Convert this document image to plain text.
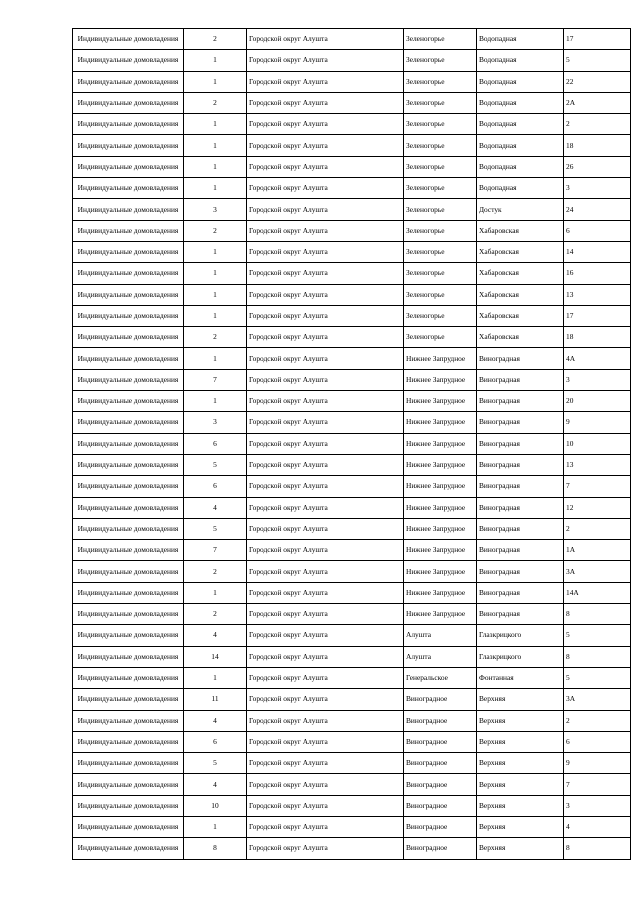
Индивидуальные домовладения	2	Городской округ Алушта	Зеленогорье	Водопадная	17
Индивидуальные домовладения	1	Городской округ Алушта	Зеленогорье	Водопадная	5
Индивидуальные домовладения	1	Городской округ Алушта	Зеленогорье	Водопадная	22
Индивидуальные домовладения	2	Городской округ Алушта	Зеленогорье	Водопадная	2А
Индивидуальные домовладения	1	Городской округ Алушта	Зеленогорье	Водопадная	2
Индивидуальные домовладения	1	Городской округ Алушта	Зеленогорье	Водопадная	18
Индивидуальные домовладения	1	Городской округ Алушта	Зеленогорье	Водопадная	26
Индивидуальные домовладения	1	Городской округ Алушта	Зеленогорье	Водопадная	3
Индивидуальные домовладения	3	Городской округ Алушта	Зеленогорье	Достук	24
Индивидуальные домовладения	2	Городской округ Алушта	Зеленогорье	Хабаровская	6
Индивидуальные домовладения	1	Городской округ Алушта	Зеленогорье	Хабаровская	14
Индивидуальные домовладения	1	Городской округ Алушта	Зеленогорье	Хабаровская	16
Индивидуальные домовладения	1	Городской округ Алушта	Зеленогорье	Хабаровская	13
Индивидуальные домовладения	1	Городской округ Алушта	Зеленогорье	Хабаровская	17
Индивидуальные домовладения	2	Городской округ Алушта	Зеленогорье	Хабаровская	18
Индивидуальные домовладения	1	Городской округ Алушта	Нижнее Запрудное	Виноградная	4А
Индивидуальные домовладения	7	Городской округ Алушта	Нижнее Запрудное	Виноградная	3
Индивидуальные домовладения	1	Городской округ Алушта	Нижнее Запрудное	Виноградная	20
Индивидуальные домовладения	3	Городской округ Алушта	Нижнее Запрудное	Виноградная	9
Индивидуальные домовладения	6	Городской округ Алушта	Нижнее Запрудное	Виноградная	10
Индивидуальные домовладения	5	Городской округ Алушта	Нижнее Запрудное	Виноградная	13
Индивидуальные домовладения	6	Городской округ Алушта	Нижнее Запрудное	Виноградная	7
Индивидуальные домовладения	4	Городской округ Алушта	Нижнее Запрудное	Виноградная	12
Индивидуальные домовладения	5	Городской округ Алушта	Нижнее Запрудное	Виноградная	2
Индивидуальные домовладения	7	Городской округ Алушта	Нижнее Запрудное	Виноградная	1А
Индивидуальные домовладения	2	Городской округ Алушта	Нижнее Запрудное	Виноградная	3А
Индивидуальные домовладения	1	Городской округ Алушта	Нижнее Запрудное	Виноградная	14А
Индивидуальные домовладения	2	Городской округ Алушта	Нижнее Запрудное	Виноградная	8
Индивидуальные домовладения	4	Городской округ Алушта	Алушта	Глазкрицкого	5
Индивидуальные домовладения	14	Городской округ Алушта	Алушта	Глазкрицкого	8
Индивидуальные домовладения	1	Городской округ Алушта	Генеральское	Фонтанная	5
Индивидуальные домовладения	11	Городской округ Алушта	Виноградное	Верхняя	3А
Индивидуальные домовладения	4	Городской округ Алушта	Виноградное	Верхняя	2
Индивидуальные домовладения	6	Городской округ Алушта	Виноградное	Верхняя	6
Индивидуальные домовладения	5	Городской округ Алушта	Виноградное	Верхняя	9
Индивидуальные домовладения	4	Городской округ Алушта	Виноградное	Верхняя	7
Индивидуальные домовладения	10	Городской округ Алушта	Виноградное	Верхняя	3
Индивидуальные домовладения	1	Городской округ Алушта	Виноградное	Верхняя	4
Индивидуальные домовладения	8	Городской округ Алушта	Виноградное	Верхняя	8
